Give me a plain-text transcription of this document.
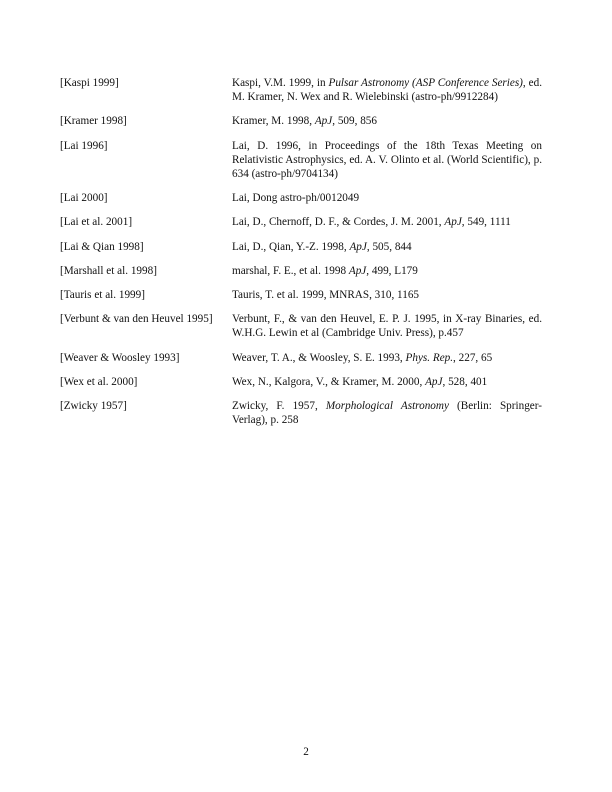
[Kaspi 1999]	Kaspi, V.M. 1999, in Pulsar Astronomy (ASP Conference Series), ed. M. Kramer, N. Wex and R. Wielebinski (astro-ph/9912284)
[Kramer 1998]	Kramer, M. 1998, ApJ, 509, 856
[Lai 1996]	Lai, D. 1996, in Proceedings of the 18th Texas Meeting on Relativistic Astrophysics, ed. A. V. Olinto et al. (World Scientific), p. 634 (astro-ph/9704134)
[Lai 2000]	Lai, Dong astro-ph/0012049
[Lai et al. 2001]	Lai, D., Chernoff, D. F., & Cordes, J. M. 2001, ApJ, 549, 1111
[Lai & Qian 1998]	Lai, D., Qian, Y.-Z. 1998, ApJ, 505, 844
[Marshall et al. 1998]	marshal, F. E., et al. 1998 ApJ, 499, L179
[Tauris et al. 1999]	Tauris, T. et al. 1999, MNRAS, 310, 1165
[Verbunt & van den Heuvel 1995]	Verbunt, F., & van den Heuvel, E. P. J. 1995, in X-ray Binaries, ed. W.H.G. Lewin et al (Cambridge Univ. Press), p.457
[Weaver & Woosley 1993]	Weaver, T. A., & Woosley, S. E. 1993, Phys. Rep., 227, 65
[Wex et al. 2000]	Wex, N., Kalgora, V., & Kramer, M. 2000, ApJ, 528, 401
[Zwicky 1957]	Zwicky, F. 1957, Morphological Astronomy (Berlin: Springer-Verlag), p. 258
2
